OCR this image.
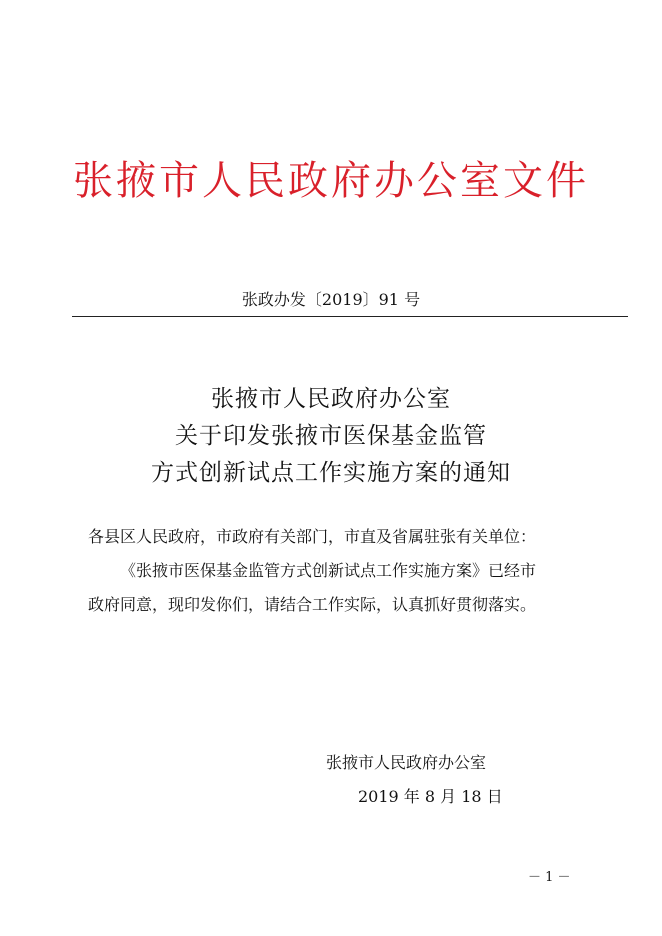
张掖市人民政府办公室文件
张政办发〔2019〕91 号
张掖市人民政府办公室
关于印发张掖市医保基金监管
方式创新试点工作实施方案的通知

各县区人民政府，市政府有关部门，市直及省属驻张有关单位：

《张掖市医保基金监管方式创新试点工作实施方案》已经市

政府同意，现印发你们，请结合工作实际，认真抓好贯彻落实。

张掖市人民政府办公室
2019 年 8 月 18 日
－ 1 －
